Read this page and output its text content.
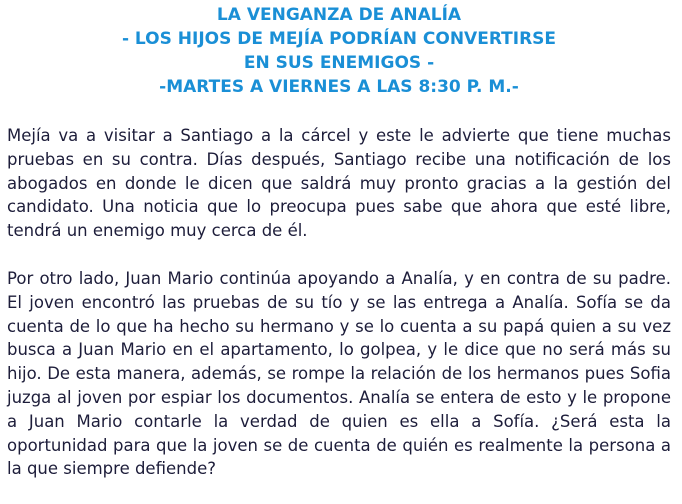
LA VENGANZA DE ANALÍA
- LOS HIJOS DE MEJÍA PODRÍAN CONVERTIRSE
EN SUS ENEMIGOS -
-MARTES A VIERNES A LAS 8:30 P. M.-

Mejía va a visitar a Santiago a la cárcel y este le advierte que tiene muchas pruebas en su contra. Días después, Santiago recibe una notificación de los abogados en donde le dicen que saldrá muy pronto gracias a la gestión del candidato. Una noticia que lo preocupa pues sabe que ahora que esté libre, tendrá un enemigo muy cerca de él.

Por otro lado, Juan Mario continúa apoyando a Analía, y en contra de su padre. El joven encontró las pruebas de su tío y se las entrega a Analía. Sofía se da cuenta de lo que ha hecho su hermano y se lo cuenta a su papá quien a su vez busca a Juan Mario en el apartamento, lo golpea, y le dice que no será más su hijo. De esta manera, además, se rompe la relación de los hermanos pues Sofia juzga al joven por espiar los documentos. Analía se entera de esto y le propone a Juan Mario contarle la verdad de quien es ella a Sofía. ¿Será esta la oportunidad para que la joven se de cuenta de quién es realmente la persona a la que siempre defiende?
